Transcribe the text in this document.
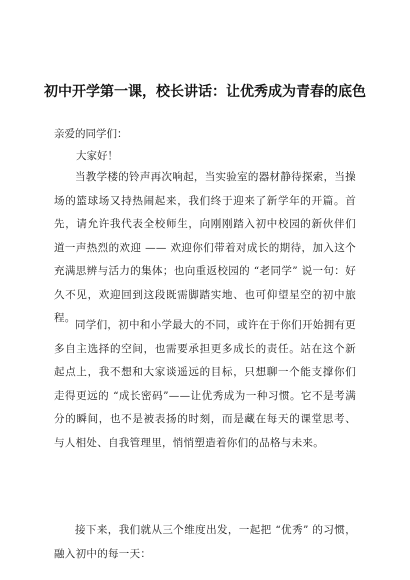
初中开学第一课，校长讲话：让优秀成为青春的底色
亲爱的同学们：
大家好！
当教学楼的铃声再次响起，当实验室的器材静待探索，当操场的篮球场又持热闹起来，我们终于迎来了新学年的开篇。首先，请允许我代表全校师生，向刚刚踏入初中校园的新伙伴们道一声热烈的欢迎 —— 欢迎你们带着对成长的期待，加入这个充满思辨与活力的集体；也向重返校园的 “老同学” 说一句：好久不见，欢迎回到这段既需脚踏实地、也可仰望星空的初中旅程。
同学们，初中和小学最大的不同，或许在于你们开始拥有更多自主选择的空间，也需要承担更多成长的责任。站在这个新起点上，我不想和大家谈遥远的目标，只想聊一个能支撑你们走得更远的 “成长密码”——让优秀成为一种习惯。它不是考满分的瞬间，也不是被表扬的时刻，而是藏在每天的课堂思考、与人相处、自我管理里，悄悄塑造着你们的品格与未来。
接下来，我们就从三个维度出发，一起把 “优秀” 的习惯，融入初中的每一天：
